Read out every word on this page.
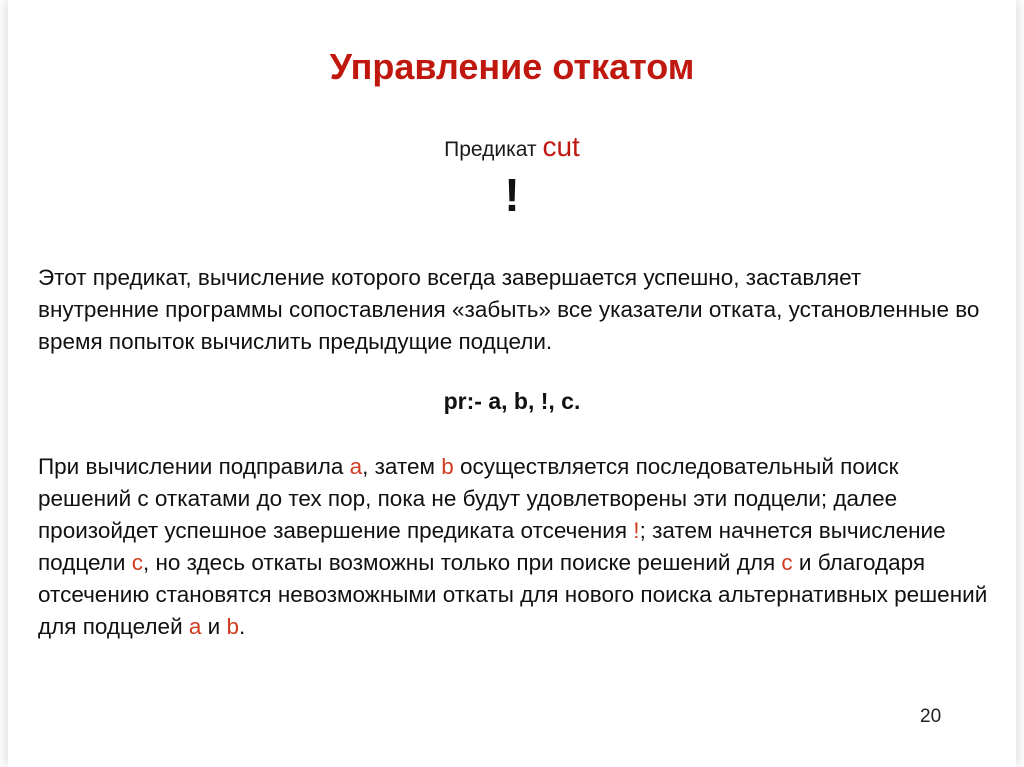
Управление откатом
Предикат cut
!
Этот предикат, вычисление которого всегда завершается успешно, заставляет внутренние программы сопоставления «забыть» все указатели отката, установленные во время попыток вычислить предыдущие подцели.
pr:- a, b, !, c.
При вычислении подправила a, затем b осуществляется последовательный поиск решений с откатами до тех пор, пока не будут удовлетворены эти подцели; далее произойдет успешное завершение предиката отсечения !; затем начнется вычисление подцели c, но здесь откаты возможны только при поиске решений для c и благодаря отсечению становятся невозможными откаты для нового поиска альтернативных решений для подцелей a и b.
20
